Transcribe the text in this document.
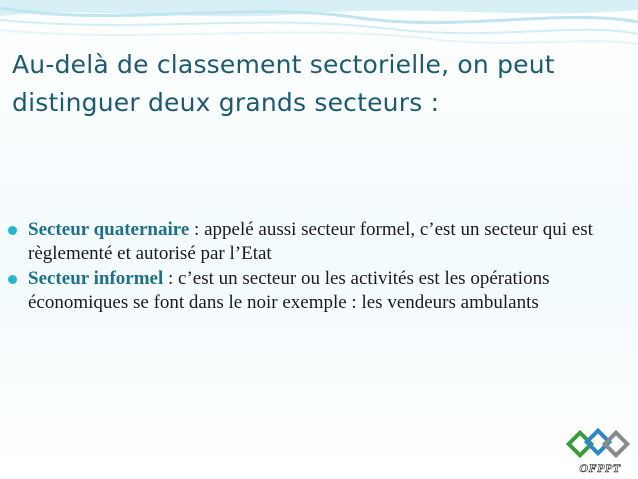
Au-delà de classement sectorielle, on peut distinguer deux grands secteurs :
Secteur quaternaire : appelé aussi secteur formel, c’est un secteur qui est règlementé et autorisé par l’Etat
Secteur informel : c’est un secteur ou les activités est les opérations économiques se font dans le noir exemple : les vendeurs ambulants
OFPPT
